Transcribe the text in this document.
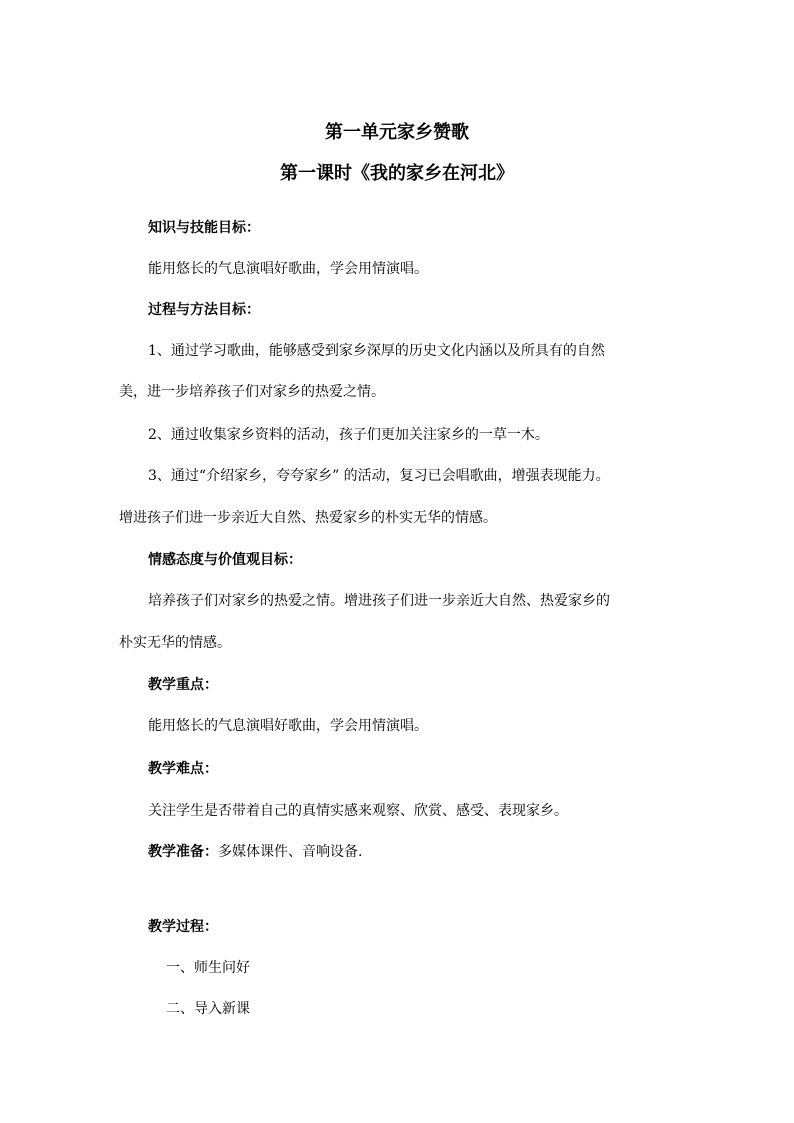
第一单元家乡赞歌
第一课时《我的家乡在河北》
知识与技能目标：
能用悠长的气息演唱好歌曲，学会用情演唱。
过程与方法目标：
1、通过学习歌曲，能够感受到家乡深厚的历史文化内涵以及所具有的自然
美，进一步培养孩子们对家乡的热爱之情。
2、通过收集家乡资料的活动，孩子们更加关注家乡的一草一木。
3、通过“介绍家乡，夸夸家乡” 的活动，复习已会唱歌曲，增强表现能力。
增进孩子们进一步亲近大自然、热爱家乡的朴实无华的情感。
情感态度与价值观目标：
培养孩子们对家乡的热爱之情。增进孩子们进一步亲近大自然、热爱家乡的
朴实无华的情感。
教学重点：
能用悠长的气息演唱好歌曲，学会用情演唱。
教学难点：
关注学生是否带着自己的真情实感来观察、欣赏、感受、表现家乡。
教学准备：多媒体课件、音响设备.
教学过程：
一、师生问好
二、导入新课
